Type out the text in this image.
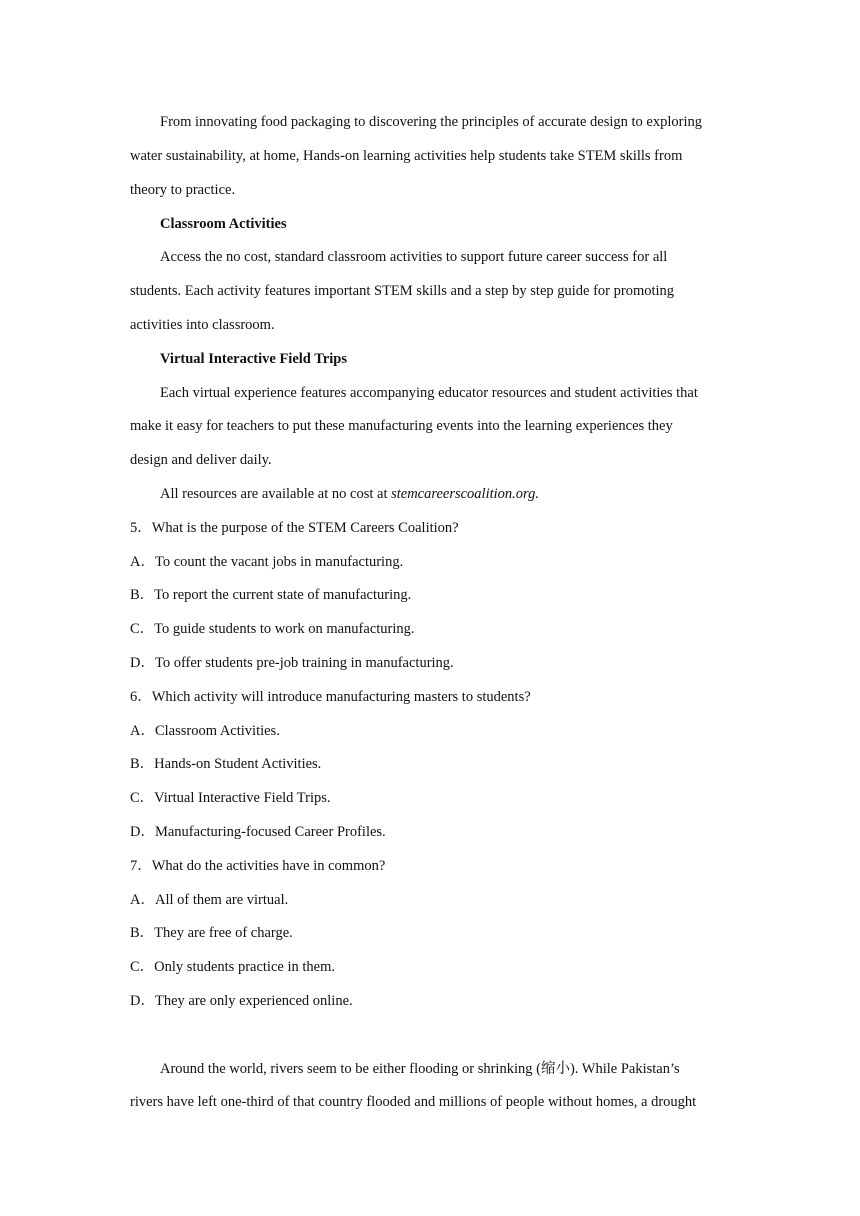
From innovating food packaging to discovering the principles of accurate design to exploring
water sustainability, at home, Hands-on learning activities help students take STEM skills from
theory to practice.
Classroom Activities
Access the no cost, standard classroom activities to support future career success for all
students. Each activity features important STEM skills and a step by step guide for promoting
activities into classroom.
Virtual Interactive Field Trips
Each virtual experience features accompanying educator resources and student activities that
make it easy for teachers to put these manufacturing events into the learning experiences they
design and deliver daily.
All resources are available at no cost at stemcareerscoalition.org.
5．What is the purpose of the STEM Careers Coalition?
A．To count the vacant jobs in manufacturing.
B．To report the current state of manufacturing.
C．To guide students to work on manufacturing.
D．To offer students pre-job training in manufacturing.
6．Which activity will introduce manufacturing masters to students?
A．Classroom Activities.
B．Hands-on Student Activities.
C．Virtual Interactive Field Trips.
D．Manufacturing-focused Career Profiles.
7．What do the activities have in common?
A．All of them are virtual.
B．They are free of charge.
C．Only students practice in them.
D．They are only experienced online.
Around the world, rivers seem to be either flooding or shrinking (缩小). While Pakistan’s
rivers have left one-third of that country flooded and millions of people without homes, a drought
